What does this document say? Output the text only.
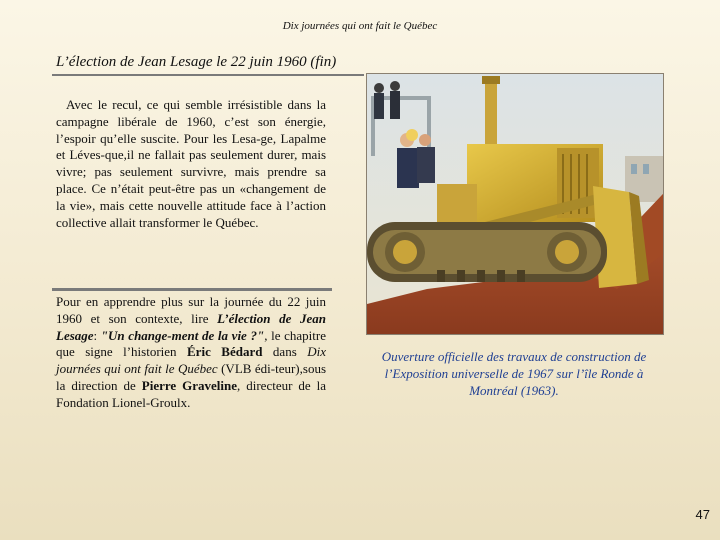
Dix journées qui ont fait le Québec
L’élection de Jean Lesage le 22 juin 1960 (fin)
Avec le recul, ce qui semble irrésistible dans la campagne libérale de 1960, c’est son énergie, l’espoir qu’elle suscite. Pour les Lesa-ge, Lapalme et Léves-que,il ne fallait pas seulement durer, mais vivre; pas seulement survivre, mais prendre sa place. Ce n’était peut-être pas un «changement de la vie», mais cette nouvelle attitude face à l’action collective allait transformer le Québec.
Pour en apprendre plus sur la journée du 22 juin 1960 et son contexte, lire L’élection de Jean Lesage: "Un change-ment de la vie ?", le chapitre que signe l’historien Éric Bédard dans Dix journées qui ont fait le Québec (VLB édi-teur),sous la direction de Pierre Graveline, directeur de la Fondation Lionel-Groulx.
Ouverture officielle des travaux de construction de l’Exposition universelle de 1967 sur l’île Ronde à Montréal (1963).
47
